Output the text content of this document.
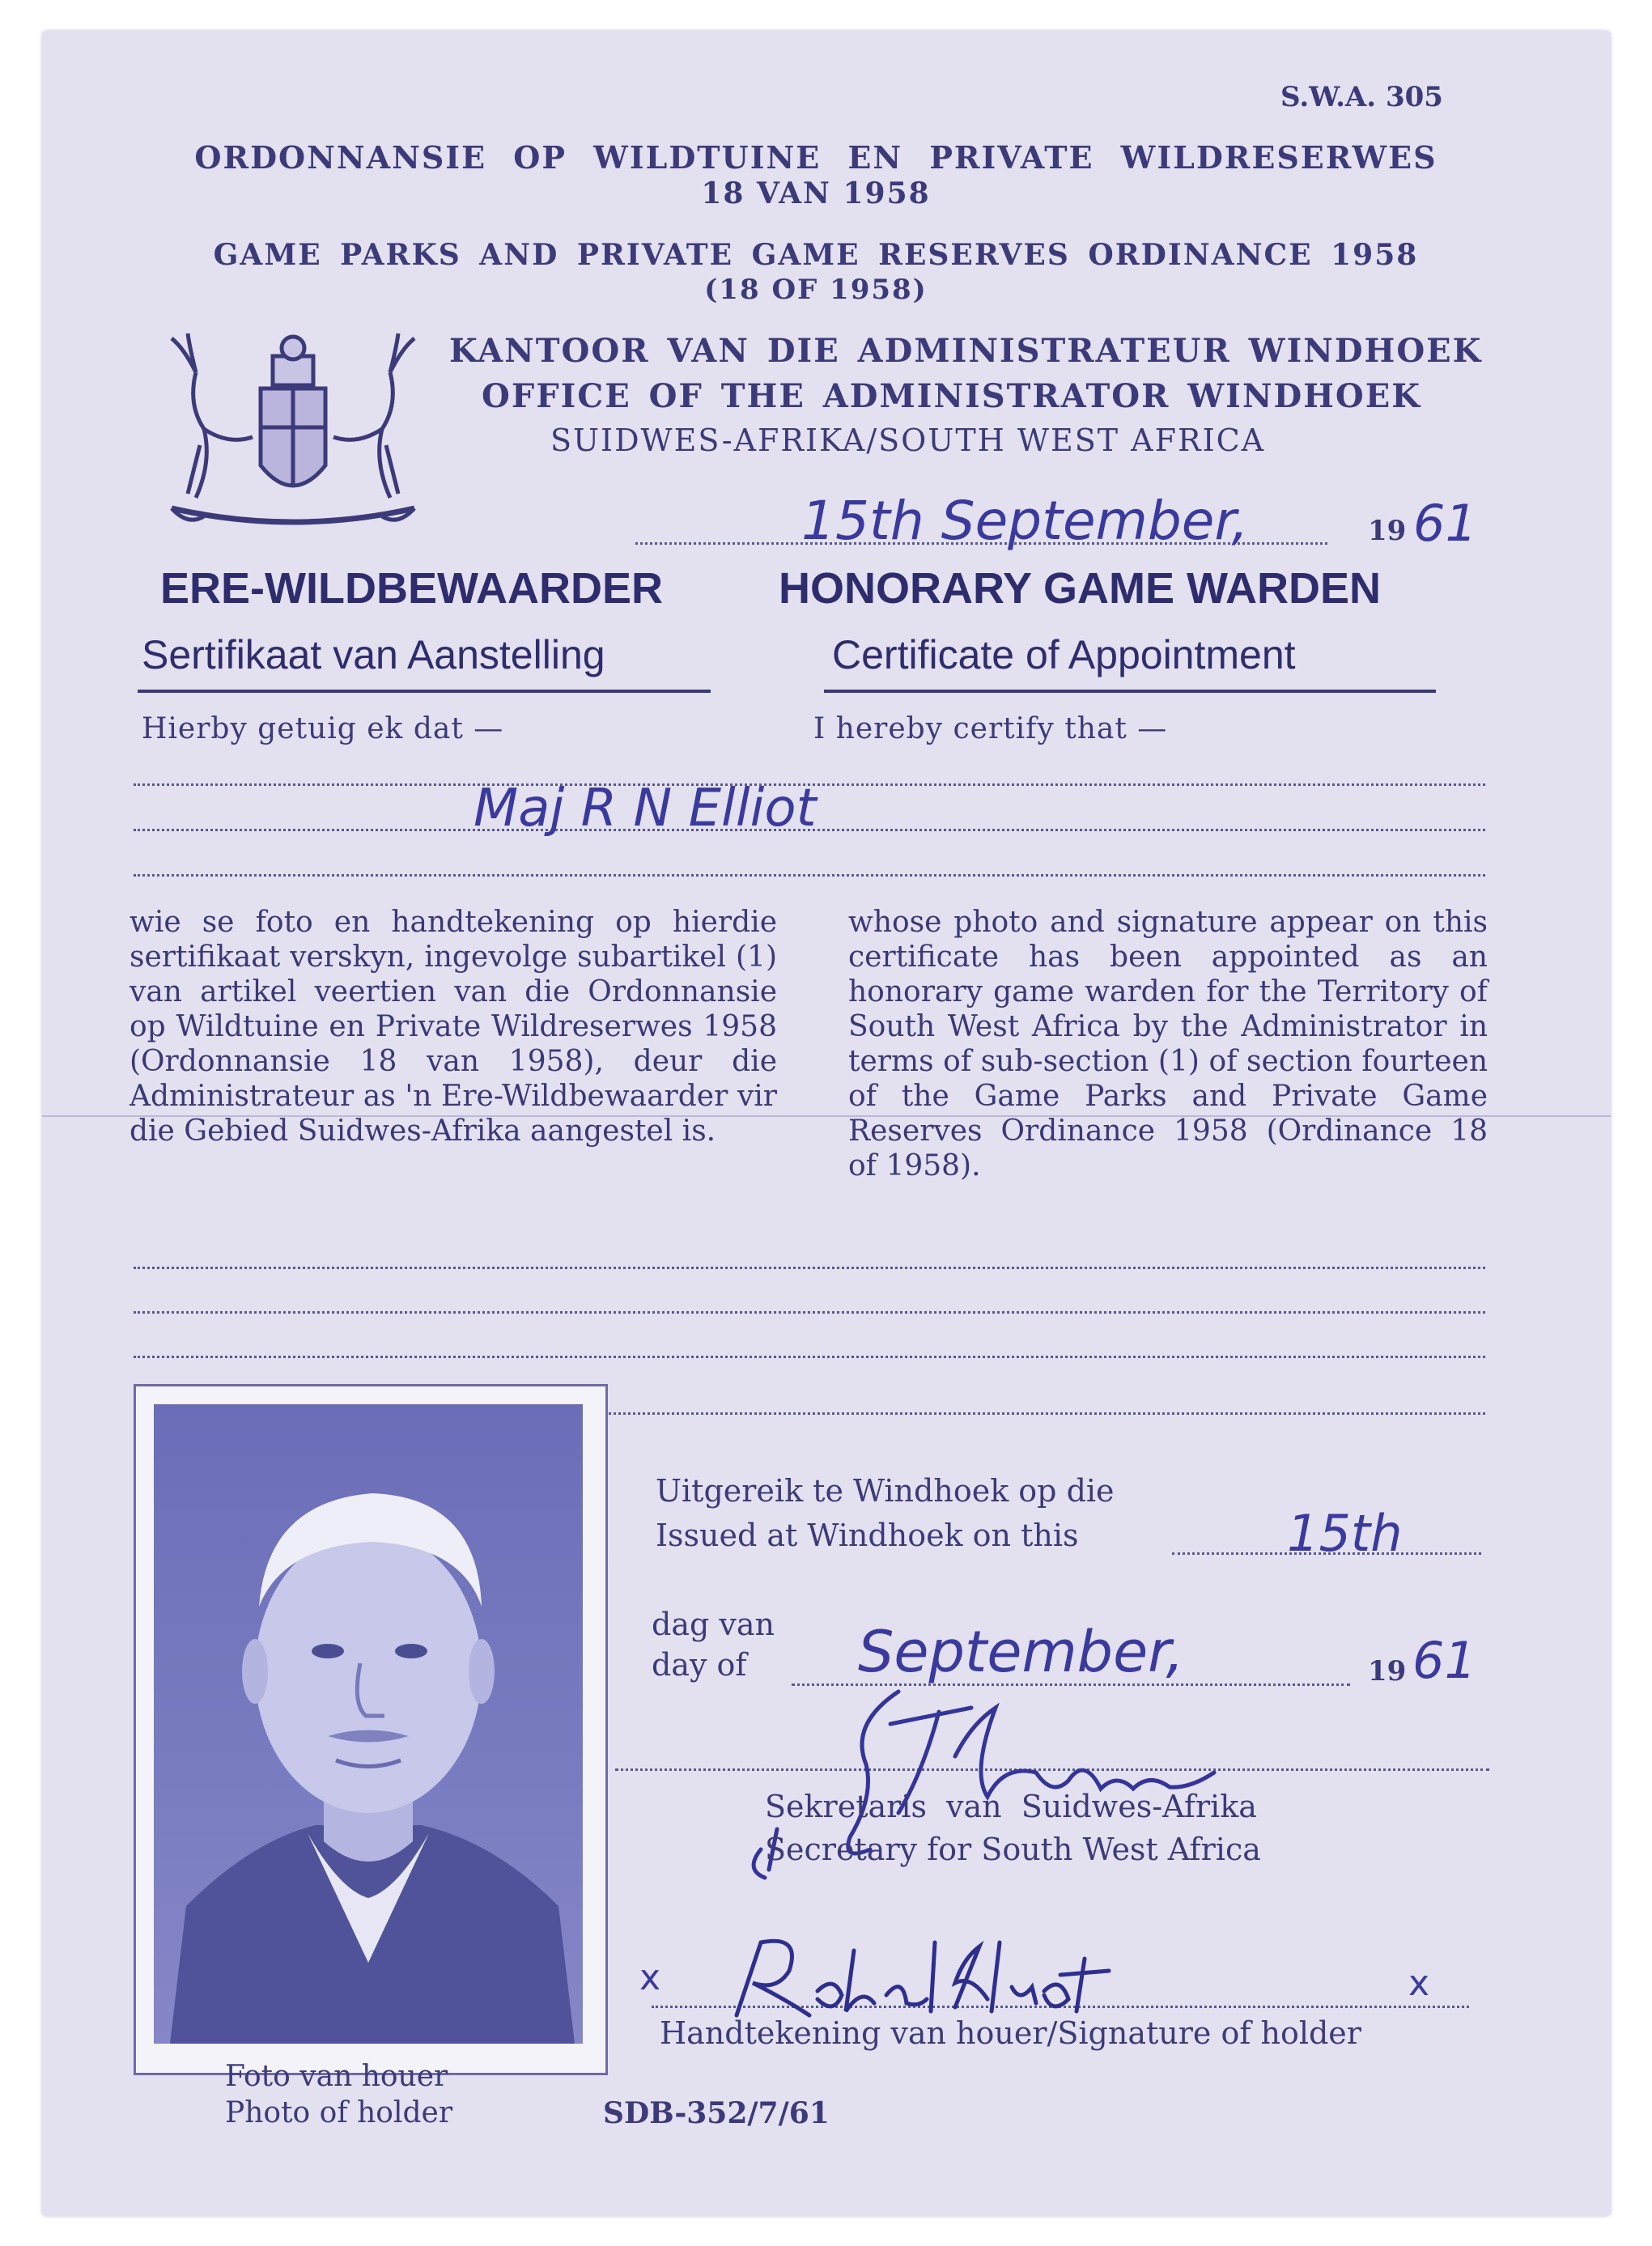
S.W.A. 305
ORDONNANSIE OP WILDTUINE EN PRIVATE WILDRESERWES
18 VAN 1958
GAME PARKS AND PRIVATE GAME RESERVES ORDINANCE 1958
(18 OF 1958)
KANTOOR VAN DIE ADMINISTRATEUR WINDHOEK
OFFICE OF THE ADMINISTRATOR WINDHOEK
SUIDWES-AFRIKA/SOUTH WEST AFRICA
15th September,	19 61
ERE-WILDBEWAARDER	HONORARY GAME WARDEN
Sertifikaat van Aanstelling	Certificate of Appointment
Hierby getuig ek dat —	I hereby certify that —
Maj R N Elliot
wie se foto en handtekening op hierdie sertifikaat verskyn, ingevolge subartikel (1) van artikel veertien van die Ordonnansie op Wildtuine en Private Wildreserwes 1958 (Ordonnansie 18 van 1958), deur die Administrateur as 'n Ere-Wildbewaarder vir die Gebied Suidwes-Afrika aangestel is.
whose photo and signature appear on this certificate has been appointed as an honorary game warden for the Territory of South West Africa by the Administrator in terms of sub-section (1) of section fourteen of the Game Parks and Private Game Reserves Ordinance 1958 (Ordinance 18 of 1958).
Foto van houer
Photo of holder	SDB-352/7/61
Uitgereik te Windhoek op die
Issued at Windhoek on this	15th
dag van
day of September,	19 61
Sekretaris van Suidwes-Afrika
Secretary for South West Africa
x	x
Handtekening van houer/Signature of holder
